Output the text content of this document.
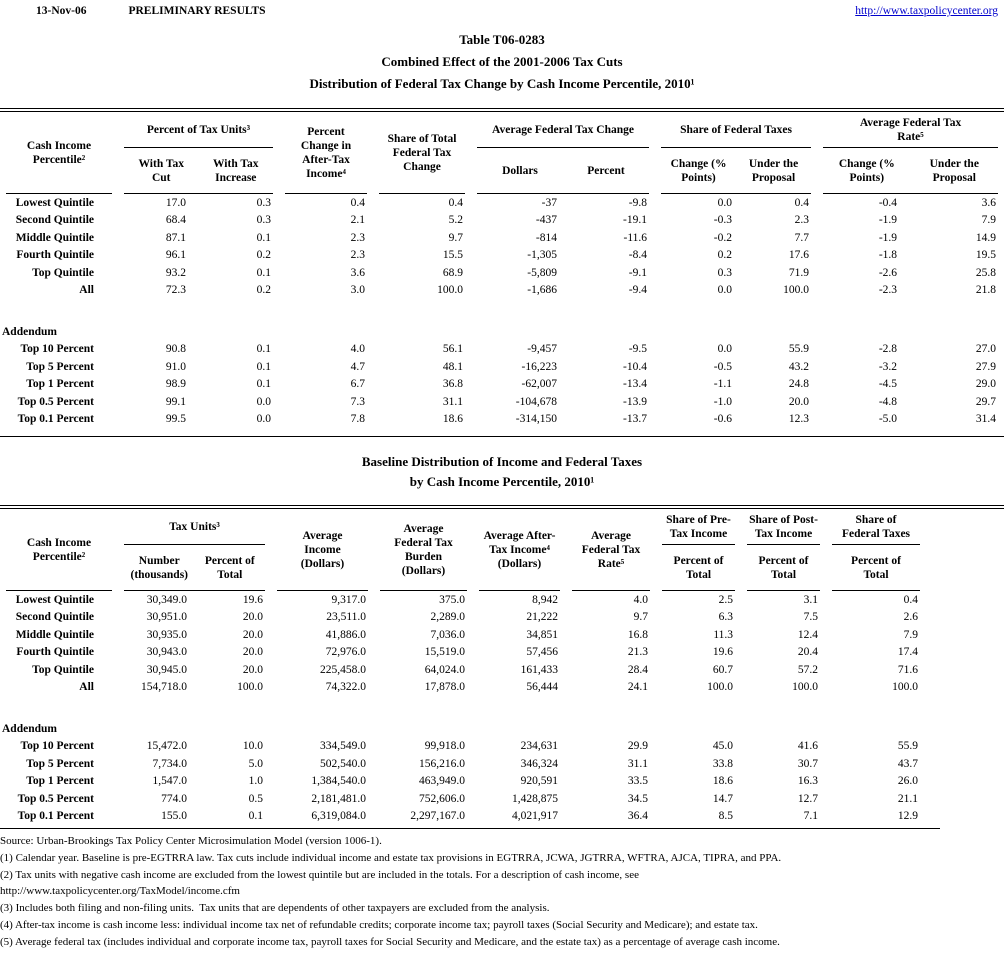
13-Nov-06	PRELIMINARY RESULTS	http://www.taxpolicycenter.org
Table T06-0283
Combined Effect of the 2001-2006 Tax Cuts
Distribution of Federal Tax Change by Cash Income Percentile, 2010¹
Cash Income
Percentile²

Percent of Tax Units³
With Tax
Cut
With Tax
Increase

Percent
Change in
After-Tax
Income⁴

Share of Total
Federal Tax
Change

Average Federal Tax Change
Dollars	Percent

Share of Federal Taxes
Change (%
Points)
Under the
Proposal

Average Federal Tax
Rate⁵
Change (%
Points)
Under the
Proposal

Lowest Quintile	17.0	0.3	0.4	0.4	-37	-9.8	0.0	0.4	-0.4	3.6
Second Quintile	68.4	0.3	2.1	5.2	-437	-19.1	-0.3	2.3	-1.9	7.9
Middle Quintile	87.1	0.1	2.3	9.7	-814	-11.6	-0.2	7.7	-1.9	14.9
Fourth Quintile	96.1	0.2	2.3	15.5	-1,305	-8.4	0.2	17.6	-1.8	19.5
Top Quintile	93.2	0.1	3.6	68.9	-5,809	-9.1	0.3	71.9	-2.6	25.8
All	72.3	0.2	3.0	100.0	-1,686	-9.4	0.0	100.0	-2.3	21.8

Addendum										
Top 10 Percent	90.8	0.1	4.0	56.1	-9,457	-9.5	0.0	55.9	-2.8	27.0
Top 5 Percent	91.0	0.1	4.7	48.1	-16,223	-10.4	-0.5	43.2	-3.2	27.9
Top 1 Percent	98.9	0.1	6.7	36.8	-62,007	-13.4	-1.1	24.8	-4.5	29.0
Top 0.5 Percent	99.1	0.0	7.3	31.1	-104,678	-13.9	-1.0	20.0	-4.8	29.7
Top 0.1 Percent	99.5	0.0	7.8	18.6	-314,150	-13.7	-0.6	12.3	-5.0	31.4
Baseline Distribution of Income and Federal Taxes
by Cash Income Percentile, 2010¹
Cash Income
Percentile²

Tax Units³
Number
(thousands)
Percent of
Total

Average
Income
(Dollars)

Average
Federal Tax
Burden
(Dollars)

Average After-
Tax Income⁴
(Dollars)

Average
Federal Tax
Rate⁵

Share of Pre-
Tax Income
Percent of
Total

Share of Post-
Tax Income
Percent of
Total

Share of
Federal Taxes
Percent of
Total

Lowest Quintile	30,349.0	19.6	9,317.0	375.0	8,942	4.0	2.5	3.1	0.4	
Second Quintile	30,951.0	20.0	23,511.0	2,289.0	21,222	9.7	6.3	7.5	2.6	
Middle Quintile	30,935.0	20.0	41,886.0	7,036.0	34,851	16.8	11.3	12.4	7.9	
Fourth Quintile	30,943.0	20.0	72,976.0	15,519.0	57,456	21.3	19.6	20.4	17.4	
Top Quintile	30,945.0	20.0	225,458.0	64,024.0	161,433	28.4	60.7	57.2	71.6	
All	154,718.0	100.0	74,322.0	17,878.0	56,444	24.1	100.0	100.0	100.0	

Addendum										
Top 10 Percent	15,472.0	10.0	334,549.0	99,918.0	234,631	29.9	45.0	41.6	55.9	
Top 5 Percent	7,734.0	5.0	502,540.0	156,216.0	346,324	31.1	33.8	30.7	43.7	
Top 1 Percent	1,547.0	1.0	1,384,540.0	463,949.0	920,591	33.5	18.6	16.3	26.0	
Top 0.5 Percent	774.0	0.5	2,181,481.0	752,606.0	1,428,875	34.5	14.7	12.7	21.1	
Top 0.1 Percent	155.0	0.1	6,319,084.0	2,297,167.0	4,021,917	36.4	8.5	7.1	12.9	
Source: Urban-Brookings Tax Policy Center Microsimulation Model (version 1006-1).
(1) Calendar year. Baseline is pre-EGTRRA law. Tax cuts include individual income and estate tax provisions in EGTRRA, JCWA, JGTRRA, WFTRA, AJCA, TIPRA, and PPA.
(2) Tax units with negative cash income are excluded from the lowest quintile but are included in the totals. For a description of cash income, see
http://www.taxpolicycenter.org/TaxModel/income.cfm
(3) Includes both filing and non-filing units.  Tax units that are dependents of other taxpayers are excluded from the analysis.
(4) After-tax income is cash income less: individual income tax net of refundable credits; corporate income tax; payroll taxes (Social Security and Medicare); and estate tax.
(5) Average federal tax (includes individual and corporate income tax, payroll taxes for Social Security and Medicare, and the estate tax) as a percentage of average cash income.
